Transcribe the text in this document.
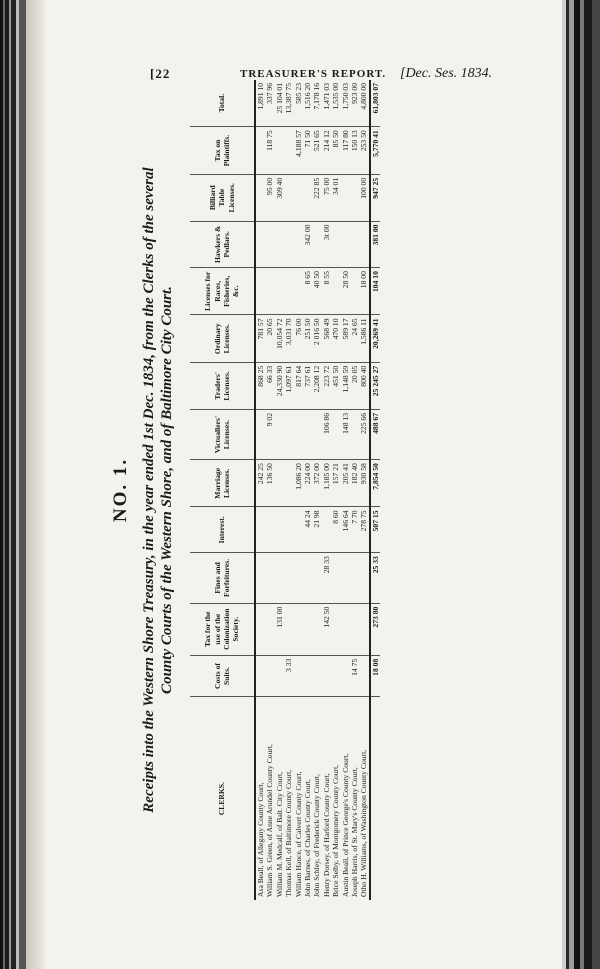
[22	TREASURER'S REPORT. [Dec. Ses. 1834.
NO. 1. Receipts into the Western Shore Treasury, in the year ended 1st Dec. 1834, from the Clerks of the several County Courts of the Western Shore, and of Baltimore City Court.
CLERKS.	Costs of Suits.	Tax for the use of the Colonization Society.	Fines and Forfeitures.	Interest.	Marriage Licenses.	Victuallers' Licenses.	Traders' Licenses.	Ordinary Licenses.	Licenses for Races, Fisheries, &c.	Hawkers & Pedlars.	Billiard Table Licenses.	Tax on Plaintiffs.	Total.
Asa Beall, of Allegany County Court,					242 25		868 25	781 57					1,891 10
William S. Green, of Anne Arundel County Court,					136 50	9 02	66 33	20 65			95 00	118 75	337 96
William M. Medcalf, of Balt. City Court,		131 00					24,330 90	10,054 72			309 40		25 104 01
Thomas Kell, of Baltimore County Court,	3 33						1,097 61	3,031 70					13,387 75
William Hance, of Calvert County Court,					1,086 20		817 64	76 00				4,188 57	585 23
John Barnes, of Charles County Court,				44 24	224 00		737 61	251 50	8 65	342 00		71 50	1,516 20
John Schley, of Frederick County Court,				21 98	372 00		2,208 12	2 016 50	40 50		222 85	521 65	7,178 16
Henry Dorsey, of Harford County Court,		142 50	28 33		1,185 00	106 86	223 72	568 49	8 55	3t 00	75 00	214 12	1,471 03
Brice Selby, of Montgomery County Court,				8 60	157 21		451 50	470 10			34 01	85 50	1,535 00
Austin Beall, of Prince George's County Court,				146 64	205 41	148 13	1,148 59	589 17	28 50			117 80	1,750 03
Joseph Harris, of St. Mary's County Court,	14 75			7 70	182 40		20 05	24 65				150 13	923 00
Otho H. Williams, of Washington County Court,				278 75	930 58	225 66	800 40	1,586 11	18 00		100 00	253 50	4,800 00
	18 08	273 80	25 33	507 15	7,854 50	488 67	25 245 27	20,269 41	104 10	381 00	947 25	5,770 41	61,803 07
